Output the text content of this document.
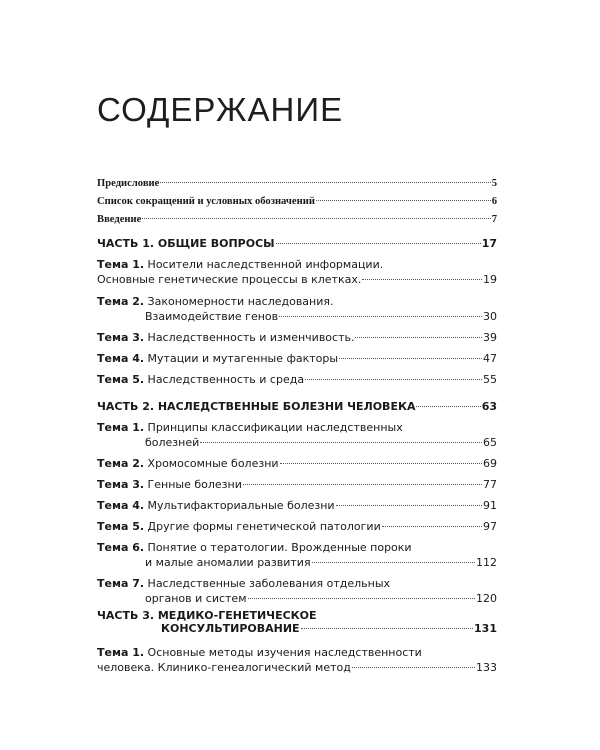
СОДЕРЖАНИЕ
Предисловие	5
Список сокращений и условных обозначений	6
Введение	7
ЧАСТЬ 1. ОБЩИЕ ВОПРОСЫ	17
Тема 1. Носители наследственной информации.
Основные генетические процессы в клетках.	19
Тема 2. Закономерности наследования.
Взаимодействие генов	30
Тема 3. Наследственность и изменчивость.	39
Тема 4. Мутации и мутагенные факторы	47
Тема 5. Наследственность и среда	55
ЧАСТЬ 2. НАСЛЕДСТВЕННЫЕ БОЛЕЗНИ ЧЕЛОВЕКА	63
Тема 1. Принципы классификации наследственных
болезней	65
Тема 2. Хромосомные болезни	69
Тема 3. Генные болезни	77
Тема 4. Мультифакториальные болезни	91
Тема 5. Другие формы генетической патологии	97
Тема 6. Понятие о тератологии. Врожденные пороки
и малые аномалии развития	112
Тема 7. Наследственные заболевания отдельных
органов и систем	120
ЧАСТЬ 3. МЕДИКО-ГЕНЕТИЧЕСКОЕ
КОНСУЛЬТИРОВАНИЕ	131
Тема 1. Основные методы изучения наследственности
человека. Клинико-генеалогический метод	133
